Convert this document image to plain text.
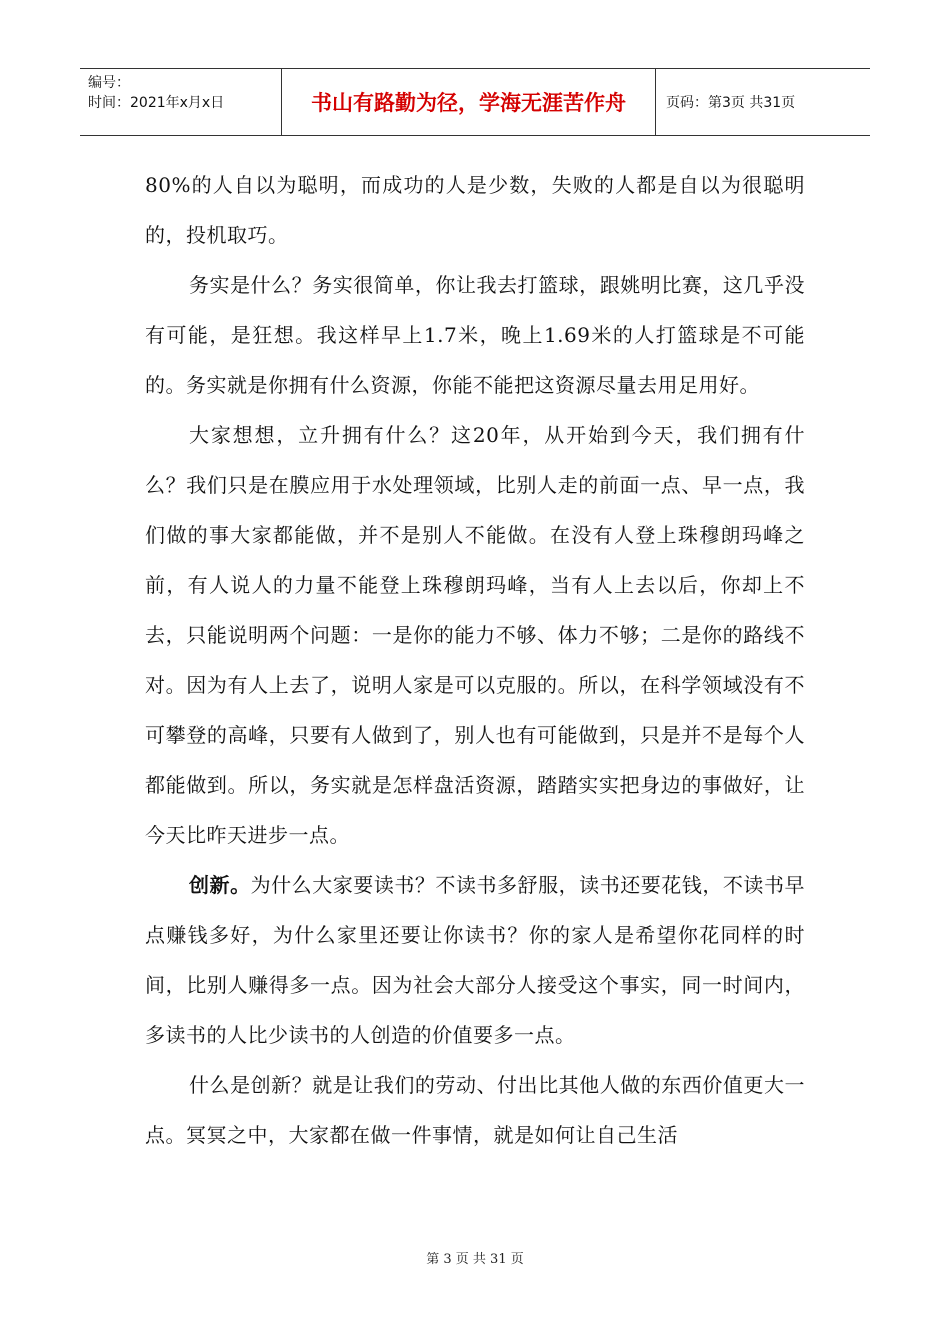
编号：
时间：2021年x月x日	书山有路勤为径，学海无涯苦作舟	页码：第3页 共31页

80%的人自以为聪明，而成功的人是少数，失败的人都是自以为很聪明的，投机取巧。

务实是什么？务实很简单，你让我去打篮球，跟姚明比赛，这几乎没有可能，是狂想。我这样早上1.7米，晚上1.69米的人打篮球是不可能的。务实就是你拥有什么资源，你能不能把这资源尽量去用足用好。

大家想想，立升拥有什么？这20年，从开始到今天，我们拥有什么？我们只是在膜应用于水处理领域，比别人走的前面一点、早一点，我们做的事大家都能做，并不是别人不能做。在没有人登上珠穆朗玛峰之前，有人说人的力量不能登上珠穆朗玛峰，当有人上去以后，你却上不去，只能说明两个问题：一是你的能力不够、体力不够；二是你的路线不对。因为有人上去了，说明人家是可以克服的。所以，在科学领域没有不可攀登的高峰，只要有人做到了，别人也有可能做到，只是并不是每个人都能做到。所以，务实就是怎样盘活资源，踏踏实实把身边的事做好，让今天比昨天进步一点。

创新。为什么大家要读书？不读书多舒服，读书还要花钱，不读书早点赚钱多好，为什么家里还要让你读书？你的家人是希望你花同样的时间，比别人赚得多一点。因为社会大部分人接受这个事实，同一时间内，多读书的人比少读书的人创造的价值要多一点。

什么是创新？就是让我们的劳动、付出比其他人做的东西价值更大一点。冥冥之中，大家都在做一件事情，就是如何让自己生活

第 3 页 共 31 页
